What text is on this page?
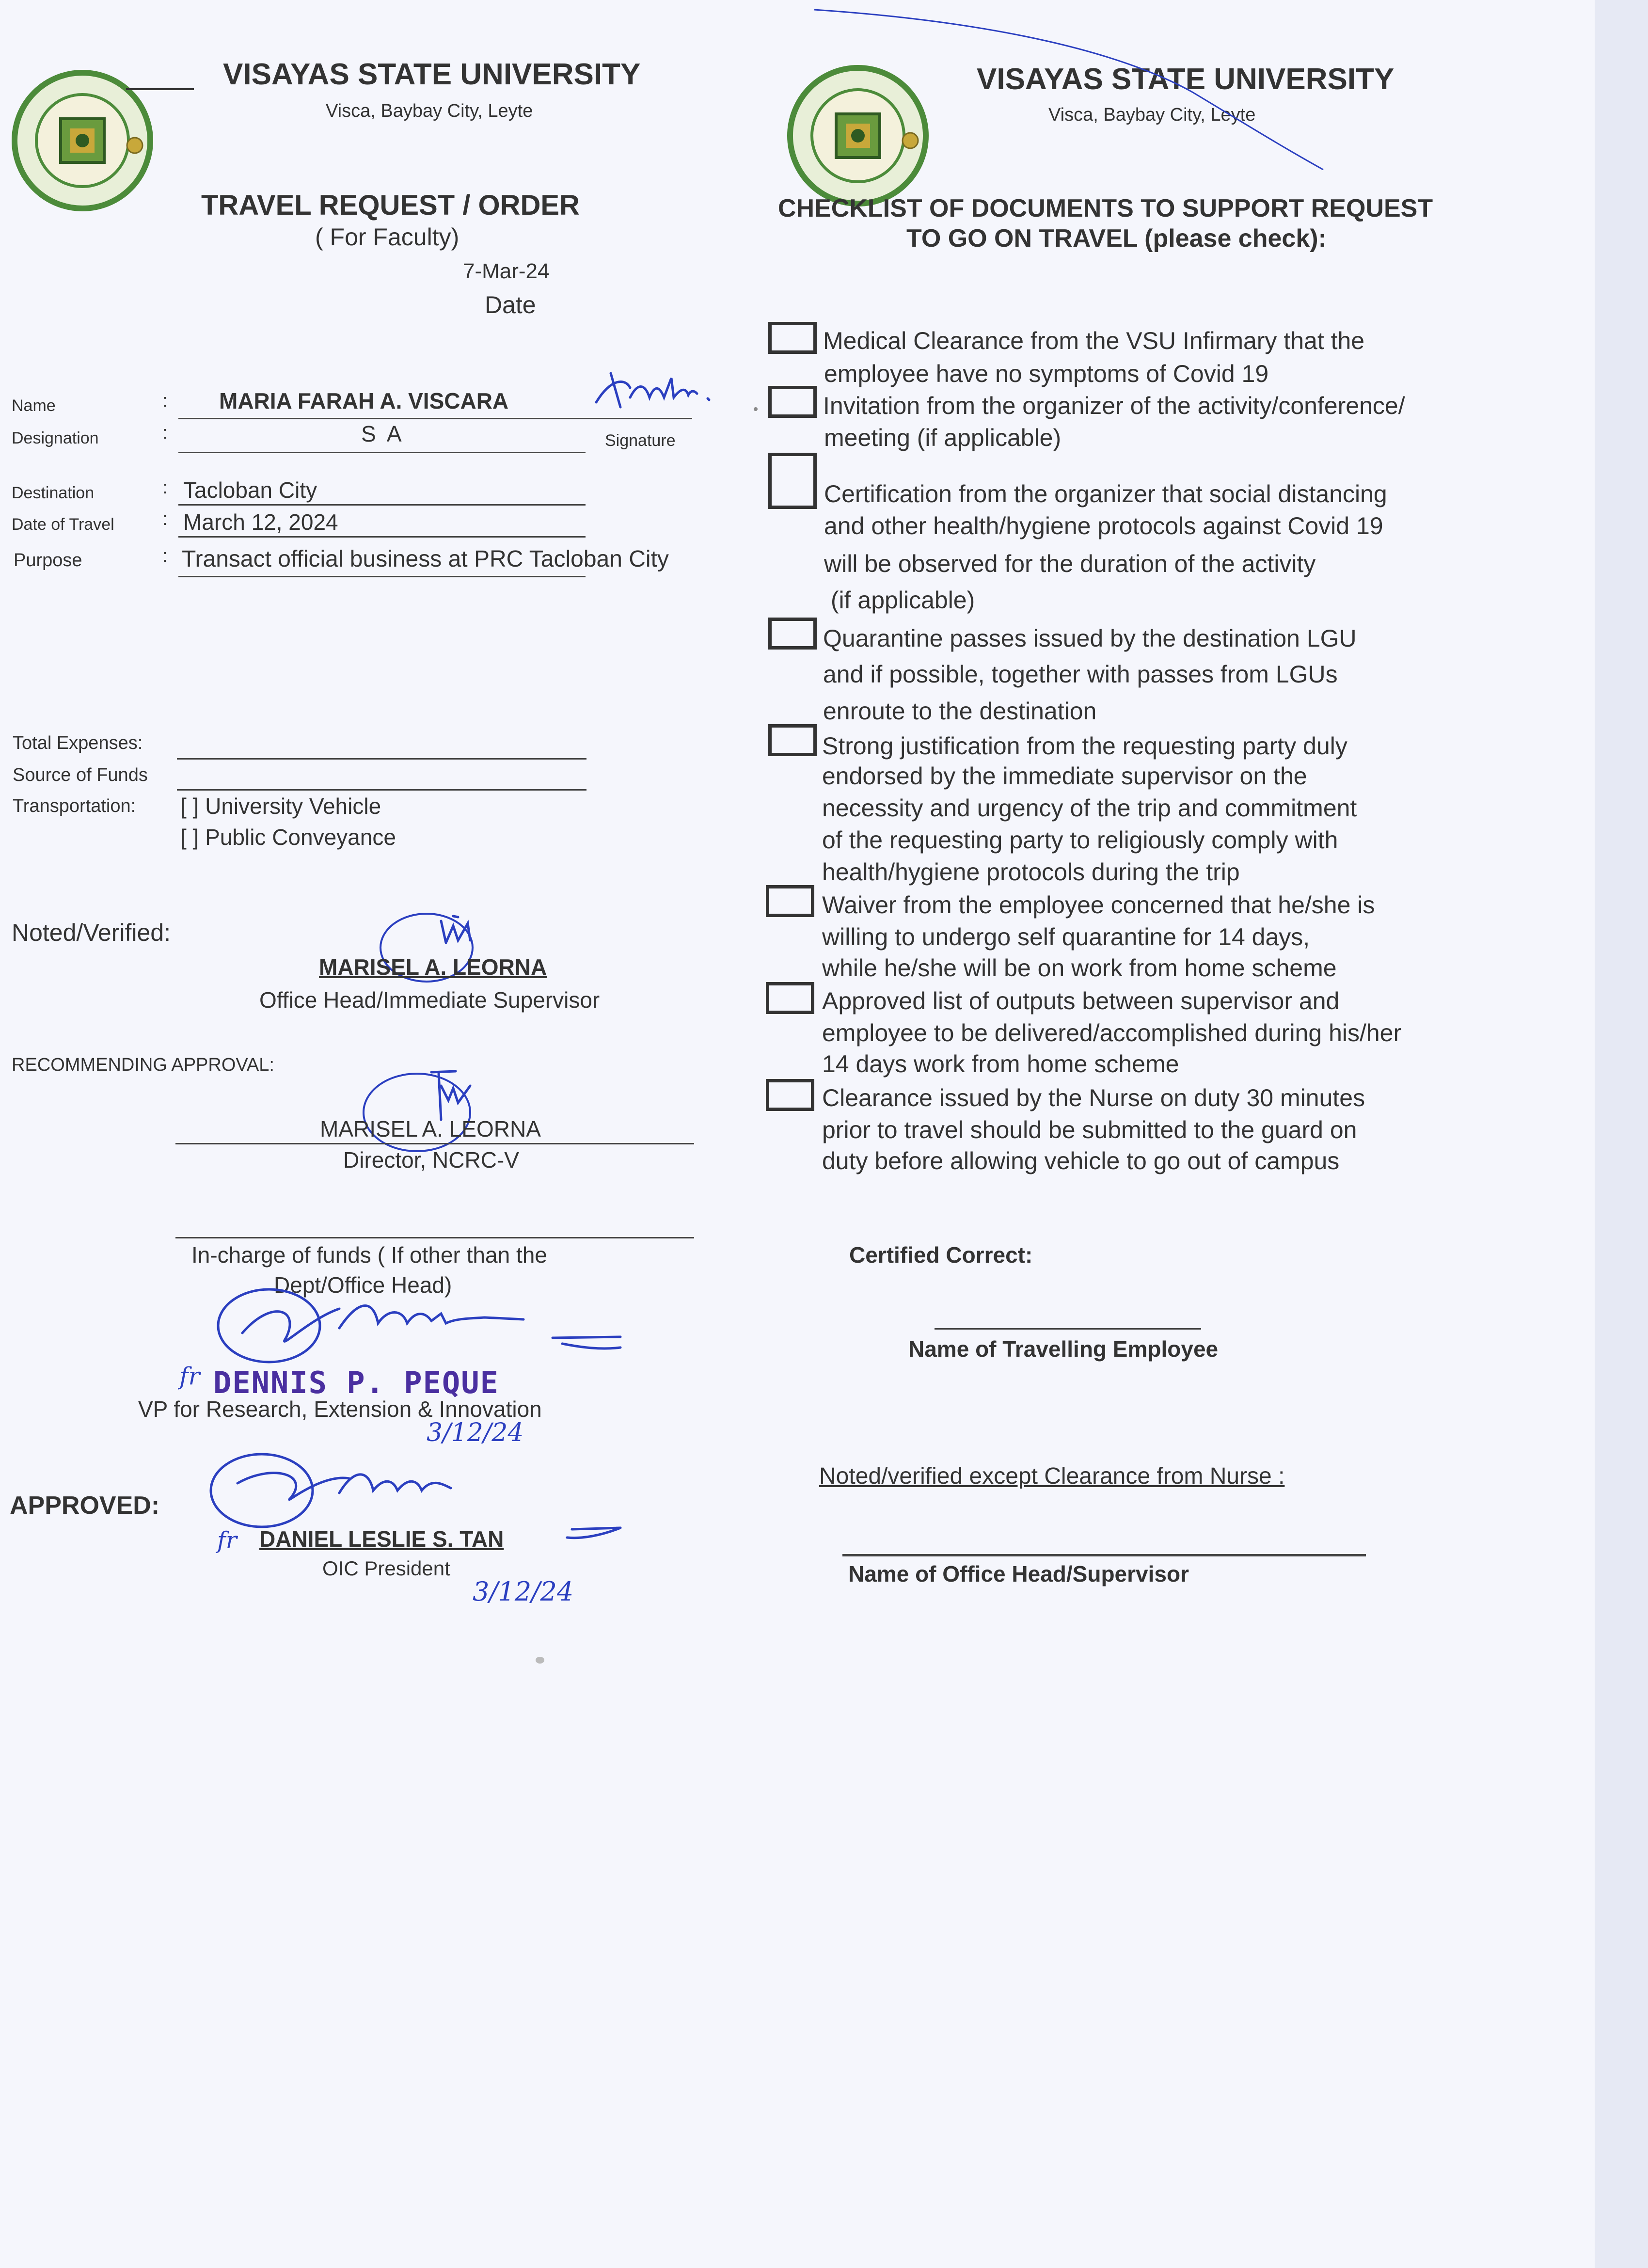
VISAYAS STATE UNIVERSITY
Visca, Baybay City, Leyte
TRAVEL REQUEST / ORDER
( For Faculty)
7-Mar-24
Date
Name	: MARIA FARAH A. VISCARA
Designation	:	S A	Signature
Destination	: Tacloban City
Date of Travel	: March 12, 2024
Purpose	: Transact official business at PRC Tacloban City
Total Expenses:
Source of Funds
Transportation: [ ] University Vehicle
[ ] Public Conveyance
Noted/Verified:
MARISEL A. LEORNA
Office Head/Immediate Supervisor
RECOMMENDING APPROVAL:
MARISEL A. LEORNA
Director, NCRC-V
In-charge of funds ( If other than the
Dept/Office Head)
fr DENNIS P. PEQUE
VP for Research, Extension & Innovation
3/12/24
APPROVED:
fr DANIEL LESLIE S. TAN
OIC President
3/12/24
VISAYAS STATE UNIVERSITY
Visca, Baybay City, Leyte
CHECKLIST OF DOCUMENTS TO SUPPORT REQUEST
TO GO ON TRAVEL (please check):
Medical Clearance from the VSU Infirmary that the
employee have no symptoms of Covid 19
Invitation from the organizer of the activity/conference/
meeting (if applicable)
Certification from the organizer that social distancing
and other health/hygiene protocols against Covid 19
will be observed for the duration of the activity
(if applicable)
Quarantine passes issued by the destination LGU
and if possible, together with passes from LGUs
enroute to the destination
Strong justification from the requesting party duly
endorsed by the immediate supervisor on the
necessity and urgency of the trip and commitment
of the requesting party to religiously comply with
health/hygiene protocols during the trip
Waiver from the employee concerned that he/she is
willing to undergo self quarantine for 14 days,
while he/she will be on work from home scheme
Approved list of outputs between supervisor and
employee to be delivered/accomplished during his/her
14 days work from home scheme
Clearance issued by the Nurse on duty 30 minutes
prior to travel should be submitted to the guard on
duty before allowing vehicle to go out of campus
Certified Correct:
Name of Travelling Employee
Noted/verified except Clearance from Nurse :
Name of Office Head/Supervisor
